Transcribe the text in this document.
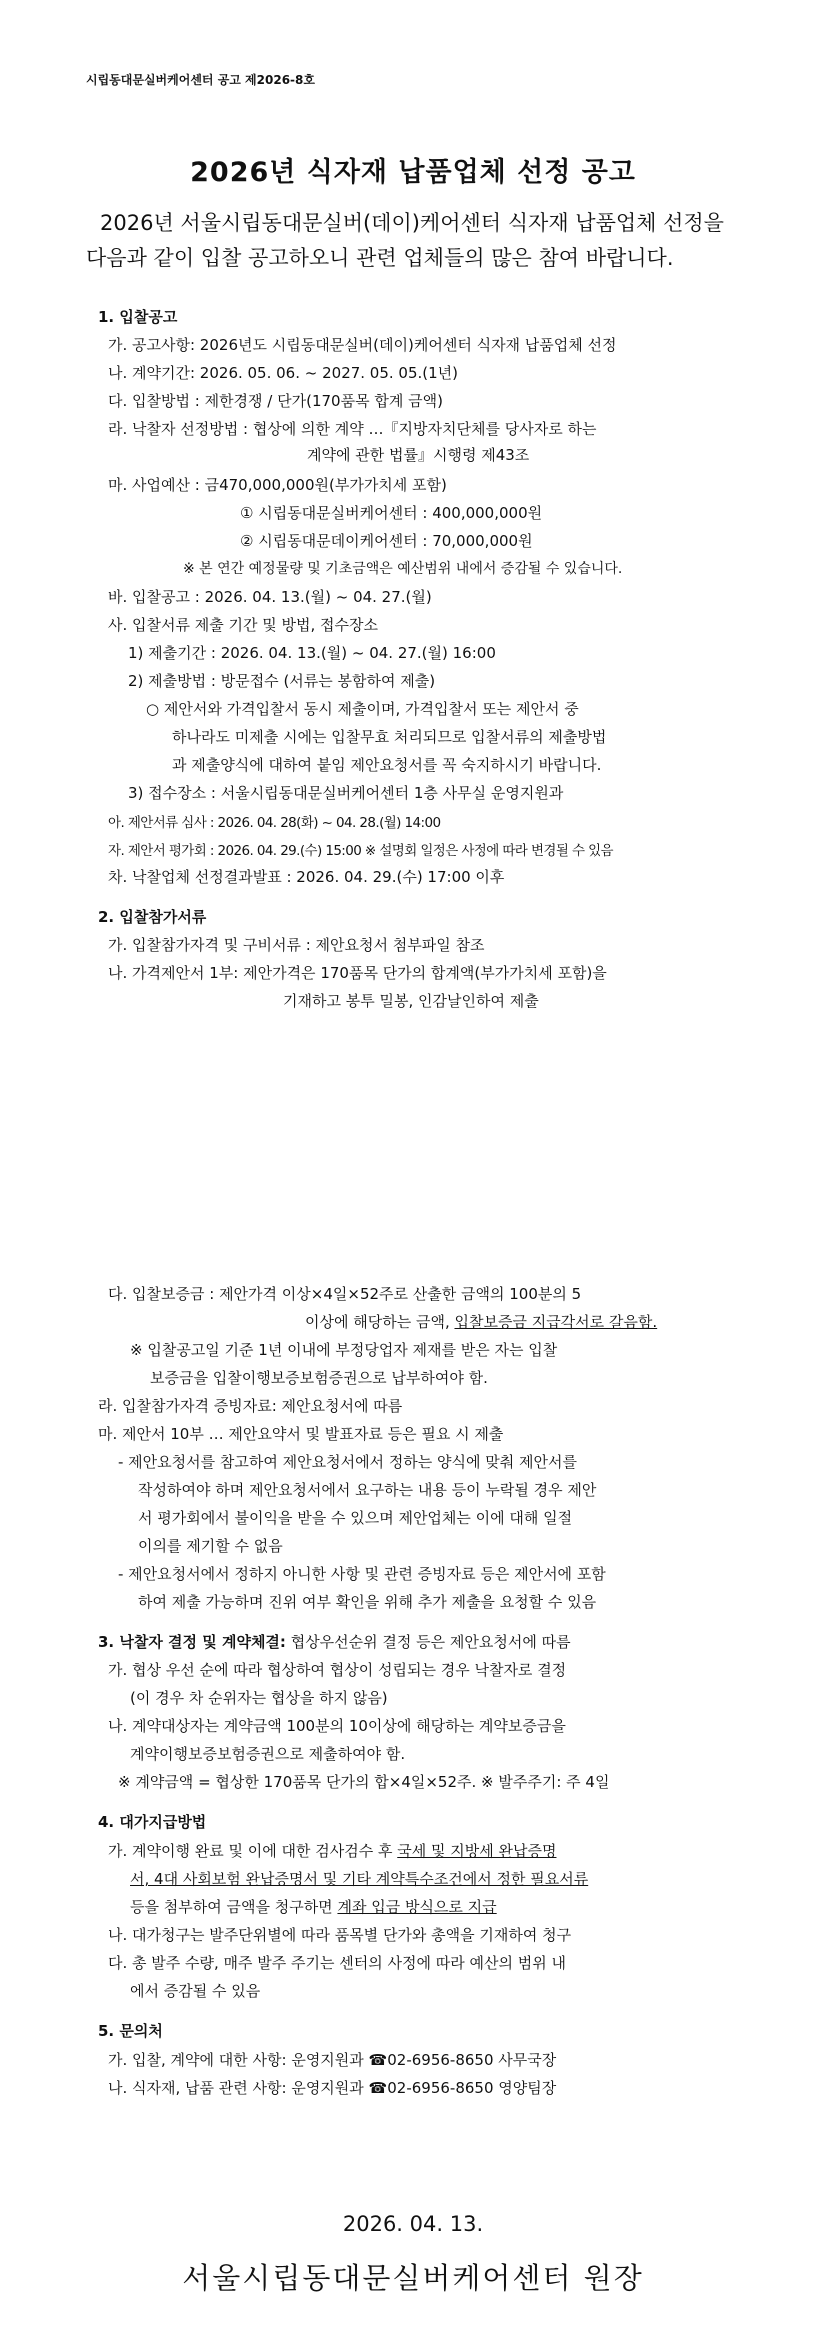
시립동대문실버케어센터 공고 제2026-8호
2026년 식자재 납품업체 선정 공고
2026년 서울시립동대문실버(데이)케어센터 식자재 납품업체 선정을
다음과 같이 입찰 공고하오니 관련 업체들의 많은 참여 바랍니다.
1. 입찰공고
가. 공고사항: 2026년도 시립동대문실버(데이)케어센터 식자재 납품업체 선정
나. 계약기간: 2026. 05. 06. ~ 2027. 05. 05.(1년)
다. 입찰방법 : 제한경쟁 / 단가(170품목 합계 금액)
라. 낙찰자 선정방법 : 협상에 의한 계약 …『지방자치단체를 당사자로 하는
계약에 관한 법률』시행령 제43조
마. 사업예산 : 금470,000,000원(부가가치세 포함)
① 시립동대문실버케어센터 : 400,000,000원
② 시립동대문데이케어센터 : 70,000,000원
※ 본 연간 예정물량 및 기초금액은 예산범위 내에서 증감될 수 있습니다.
바. 입찰공고 : 2026. 04. 13.(월) ~ 04. 27.(월)
사. 입찰서류 제출 기간 및 방법, 접수장소
1) 제출기간 : 2026. 04. 13.(월) ~ 04. 27.(월) 16:00
2) 제출방법 : 방문접수 (서류는 봉함하여 제출)
○ 제안서와 가격입찰서 동시 제출이며, 가격입찰서 또는 제안서 중
하나라도 미제출 시에는 입찰무효 처리되므로 입찰서류의 제출방법
과 제출양식에 대하여 붙임 제안요청서를 꼭 숙지하시기 바랍니다.
3) 접수장소 : 서울시립동대문실버케어센터 1층 사무실 운영지원과
아. 제안서류 심사 : 2026. 04. 28(화) ~ 04. 28.(월) 14:00
자. 제안서 평가회 : 2026. 04. 29.(수) 15:00 ※ 설명회 일정은 사정에 따라 변경될 수 있음
차. 낙찰업체 선정결과발표 : 2026. 04. 29.(수) 17:00 이후
2. 입찰참가서류
가. 입찰참가자격 및 구비서류 : 제안요청서 첨부파일 참조
나. 가격제안서 1부: 제안가격은 170품목 단가의 합계액(부가가치세 포함)을
기재하고 봉투 밀봉, 인감날인하여 제출
다. 입찰보증금 : 제안가격 이상×4일×52주로 산출한 금액의 100분의 5
이상에 해당하는 금액, 입찰보증금 지급각서로 갈음함.
※ 입찰공고일 기준 1년 이내에 부정당업자 제재를 받은 자는 입찰
보증금을 입찰이행보증보험증권으로 납부하여야 함.
라. 입찰참가자격 증빙자료: 제안요청서에 따름
마. 제안서 10부 … 제안요약서 및 발표자료 등은 필요 시 제출
- 제안요청서를 참고하여 제안요청서에서 정하는 양식에 맞춰 제안서를
작성하여야 하며 제안요청서에서 요구하는 내용 등이 누락될 경우 제안
서 평가회에서 불이익을 받을 수 있으며 제안업체는 이에 대해 일절
이의를 제기할 수 없음
- 제안요청서에서 정하지 아니한 사항 및 관련 증빙자료 등은 제안서에 포함
하여 제출 가능하며 진위 여부 확인을 위해 추가 제출을 요청할 수 있음
3. 낙찰자 결정 및 계약체결: 협상우선순위 결정 등은 제안요청서에 따름
가. 협상 우선 순에 따라 협상하여 협상이 성립되는 경우 낙찰자로 결정
(이 경우 차 순위자는 협상을 하지 않음)
나. 계약대상자는 계약금액 100분의 10이상에 해당하는 계약보증금을
계약이행보증보험증권으로 제출하여야 함.
※ 계약금액 = 협상한 170품목 단가의 합×4일×52주. ※ 발주주기: 주 4일
4. 대가지급방법
가. 계약이행 완료 및 이에 대한 검사검수 후 국세 및 지방세 완납증명
서, 4대 사회보험 완납증명서 및 기타 계약특수조건에서 정한 필요서류
등을 첨부하여 금액을 청구하면 계좌 입금 방식으로 지급
나. 대가청구는 발주단위별에 따라 품목별 단가와 총액을 기재하여 청구
다. 총 발주 수량, 매주 발주 주기는 센터의 사정에 따라 예산의 범위 내
에서 증감될 수 있음
5. 문의처
가. 입찰, 계약에 대한 사항: 운영지원과 ☎02-6956-8650 사무국장
나. 식자재, 납품 관련 사항: 운영지원과 ☎02-6956-8650 영양팀장
2026. 04. 13.
서울시립동대문실버케어센터 원장
